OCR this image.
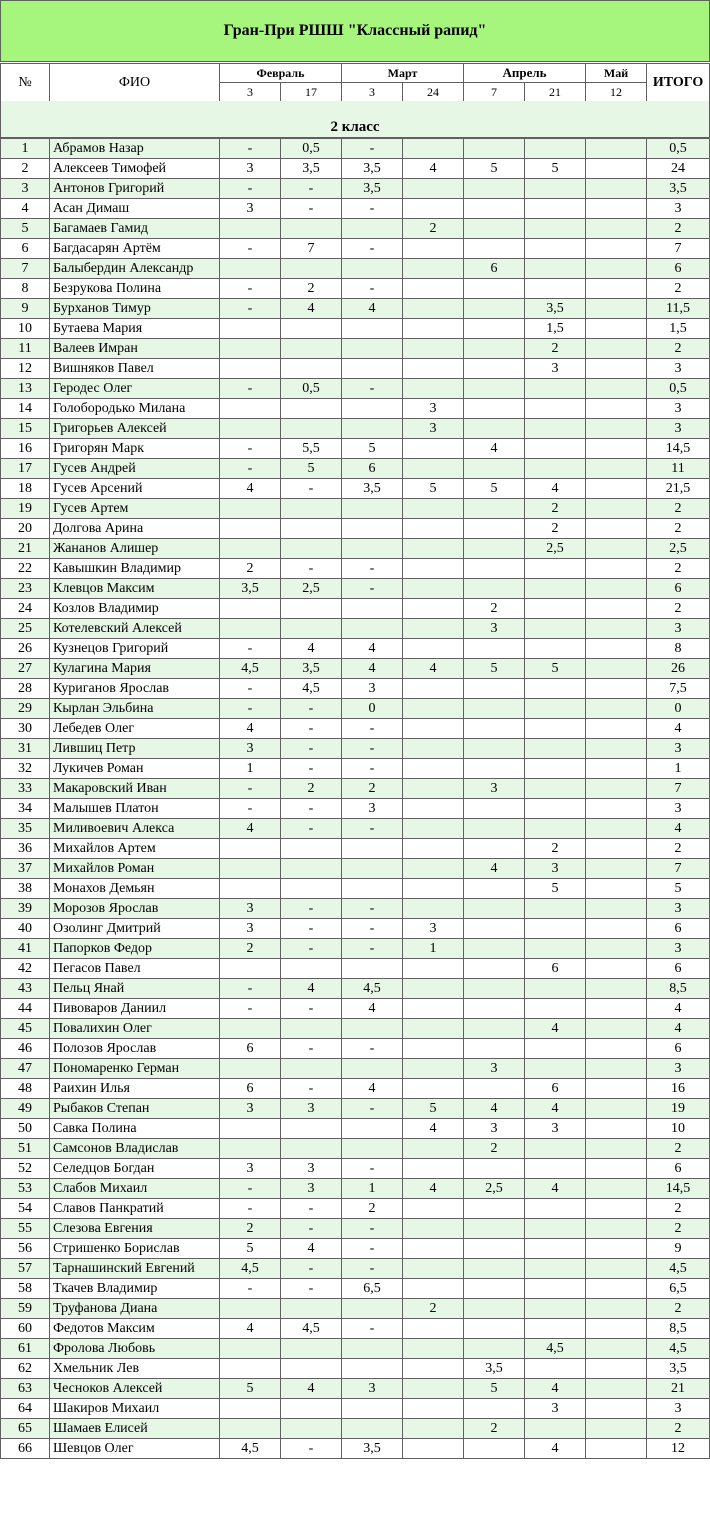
Гран-При РШШ "Классный рапид"
№	ФИО	Февраль		Март		Апрель		Май	ИТОГО
		3	17	3	24	7	21	12	
2 класс
1	Абрамов Назар	-	0,5	-					0,5
2	Алексеев Тимофей	3	3,5	3,5	4	5	5		24
3	Антонов Григорий	-	-	3,5					3,5
4	Асан Димаш	3	-	-					3
5	Багамаев Гамид				2				2
6	Багдасарян Артём	-	7	-					7
7	Балыбердин Александр					6			6
8	Безрукова Полина	-	2	-					2
9	Бурханов Тимур	-	4	4			3,5		11,5
10	Бутаева Мария						1,5		1,5
11	Валеев Имран						2		2
12	Вишняков Павел						3		3
13	Геродес Олег	-	0,5	-					0,5
14	Голобородько Милана				3				3
15	Григорьев Алексей				3				3
16	Григорян Марк	-	5,5	5		4			14,5
17	Гусев Андрей	-	5	6					11
18	Гусев Арсений	4	-	3,5	5	5	4		21,5
19	Гусев Артем						2		2
20	Долгова Арина						2		2
21	Жананов Алишер						2,5		2,5
22	Кавышкин Владимир	2	-	-					2
23	Клевцов Максим	3,5	2,5	-					6
24	Козлов Владимир					2			2
25	Котелевский Алексей					3			3
26	Кузнецов Григорий	-	4	4					8
27	Кулагина Мария	4,5	3,5	4	4	5	5		26
28	Куриганов Ярослав	-	4,5	3					7,5
29	Кырлан Эльбина	-	-	0					0
30	Лебедев Олег	4	-	-					4
31	Лившиц Петр	3	-	-					3
32	Лукичев Роман	1	-	-					1
33	Макаровский Иван	-	2	2		3			7
34	Малышев Платон	-	-	3					3
35	Миливоевич Алекса	4	-	-					4
36	Михайлов Артем						2		2
37	Михайлов Роман					4	3		7
38	Монахов Демьян						5		5
39	Морозов Ярослав	3	-	-					3
40	Озолинг Дмитрий	3	-	-	3				6
41	Папорков Федор	2	-	-	1				3
42	Пегасов Павел						6		6
43	Пельц Янай	-	4	4,5					8,5
44	Пивоваров Даниил	-	-	4					4
45	Повалихин Олег						4		4
46	Полозов Ярослав	6	-	-					6
47	Пономаренко Герман					3			3
48	Раихин Илья	6	-	4			6		16
49	Рыбаков Степан	3	3	-	5	4	4		19
50	Савка Полина				4	3	3		10
51	Самсонов Владислав					2			2
52	Селедцов Богдан	3	3	-					6
53	Слабов Михаил	-	3	1	4	2,5	4		14,5
54	Славов Панкратий	-	-	2					2
55	Слезова Евгения	2	-	-					2
56	Стришенко Борислав	5	4	-					9
57	Тарнашинский Евгений	4,5	-	-					4,5
58	Ткачев Владимир	-	-	6,5					6,5
59	Труфанова Диана				2				2
60	Федотов Максим	4	4,5	-					8,5
61	Фролова Любовь						4,5		4,5
62	Хмельник Лев					3,5			3,5
63	Чесноков Алексей	5	4	3		5	4		21
64	Шакиров Михаил						3		3
65	Шамаев Елисей					2			2
66	Шевцов Олег	4,5	-	3,5			4		12
